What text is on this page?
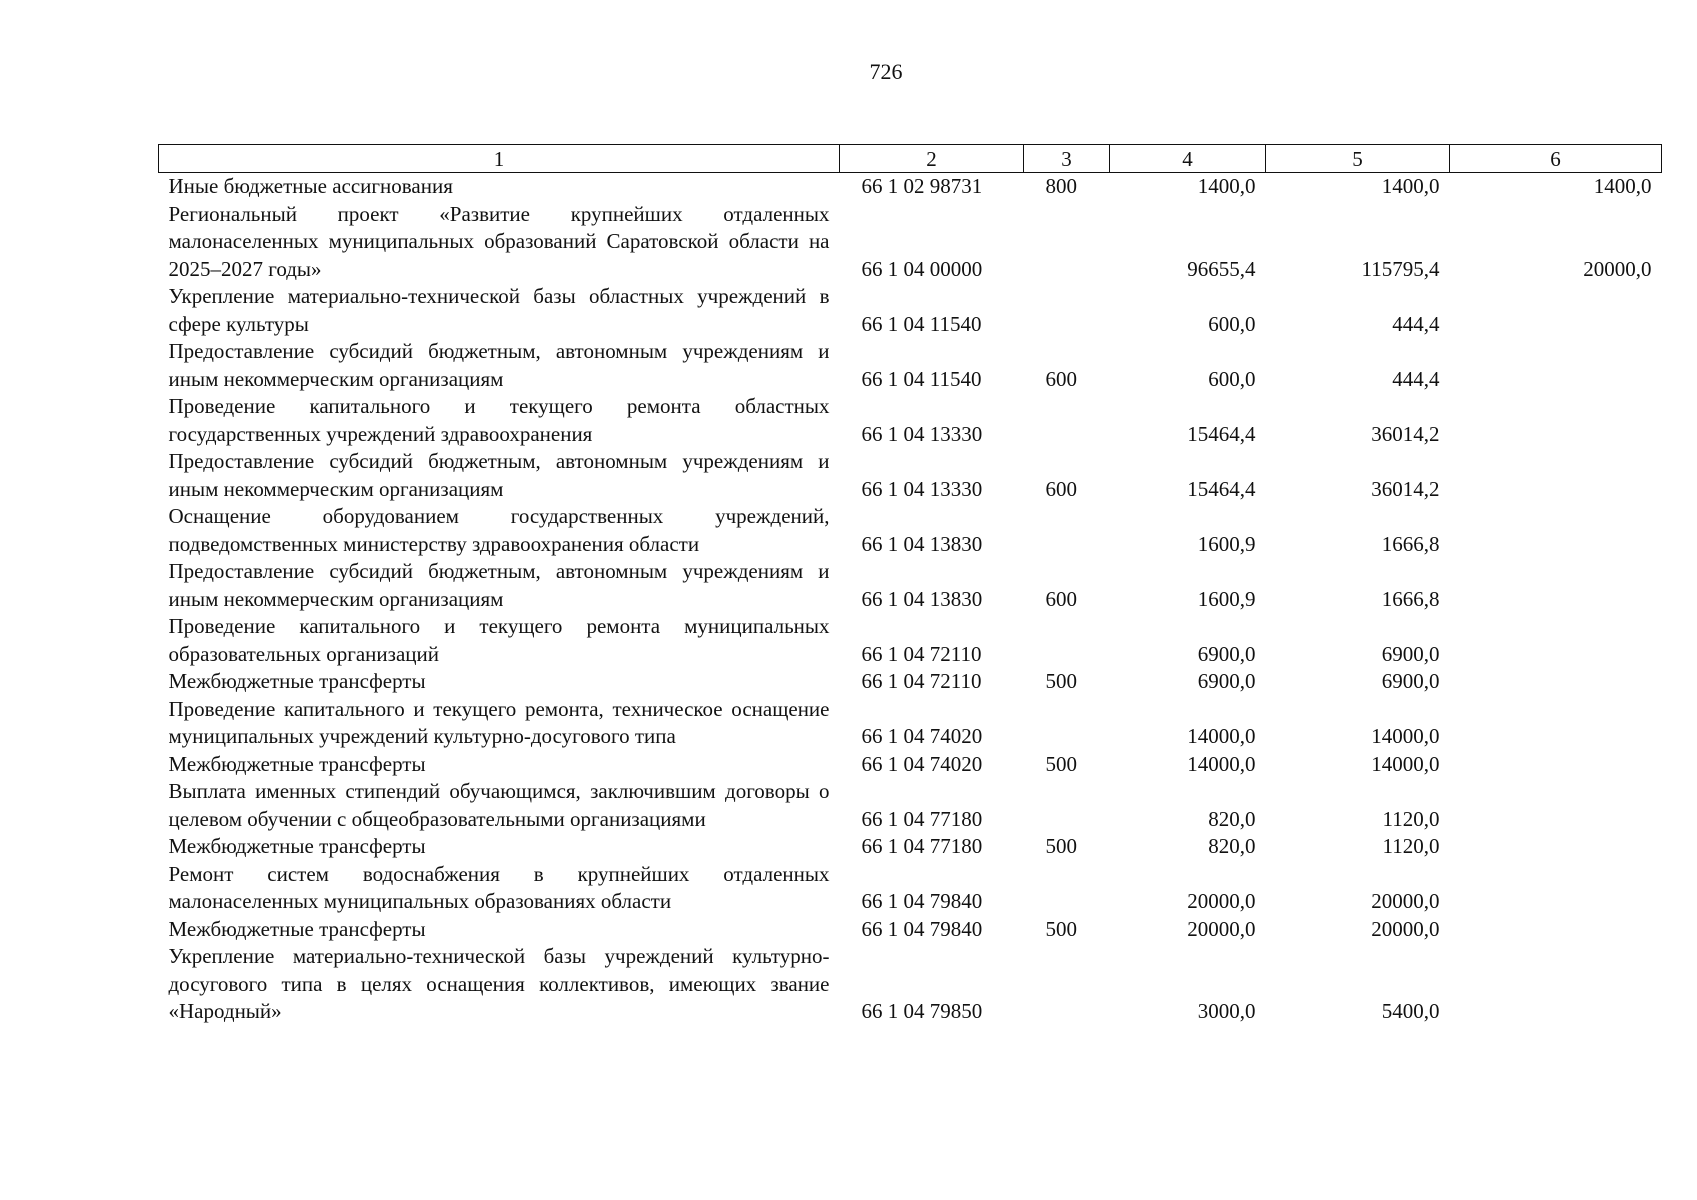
726
1	2	3	4	5	6
Иные бюджетные ассигнования	66 1 02 98731	800	1400,0	1400,0	1400,0
Региональный проект «Развитие крупнейших отдаленных малонаселенных муниципальных образований Саратовской области на 2025–2027 годы»	66 1 04 00000		96655,4	115795,4	20000,0
Укрепление материально-технической базы областных учреждений в сфере культуры	66 1 04 11540		600,0	444,4	
Предоставление субсидий бюджетным, автономным учреждениям и иным некоммерческим организациям	66 1 04 11540	600	600,0	444,4	
Проведение капитального и текущего ремонта областных государственных учреждений здравоохранения	66 1 04 13330		15464,4	36014,2	
Предоставление субсидий бюджетным, автономным учреждениям и иным некоммерческим организациям	66 1 04 13330	600	15464,4	36014,2	
Оснащение оборудованием государственных учреждений, подведомственных министерству здравоохранения области	66 1 04 13830		1600,9	1666,8	
Предоставление субсидий бюджетным, автономным учреждениям и иным некоммерческим организациям	66 1 04 13830	600	1600,9	1666,8	
Проведение капитального и текущего ремонта муниципальных образовательных организаций	66 1 04 72110		6900,0	6900,0	
Межбюджетные трансферты	66 1 04 72110	500	6900,0	6900,0	
Проведение капитального и текущего ремонта, техническое оснащение муниципальных учреждений культурно-досугового типа	66 1 04 74020		14000,0	14000,0	
Межбюджетные трансферты	66 1 04 74020	500	14000,0	14000,0	
Выплата именных стипендий обучающимся, заключившим договоры о целевом обучении с общеобразовательными организациями	66 1 04 77180		820,0	1120,0	
Межбюджетные трансферты	66 1 04 77180	500	820,0	1120,0	
Ремонт систем водоснабжения в крупнейших отдаленных малонаселенных муниципальных образованиях области	66 1 04 79840		20000,0	20000,0	
Межбюджетные трансферты	66 1 04 79840	500	20000,0	20000,0	
Укрепление материально-технической базы учреждений культурно-досугового типа в целях оснащения коллективов, имеющих звание «Народный»	66 1 04 79850		3000,0	5400,0	
